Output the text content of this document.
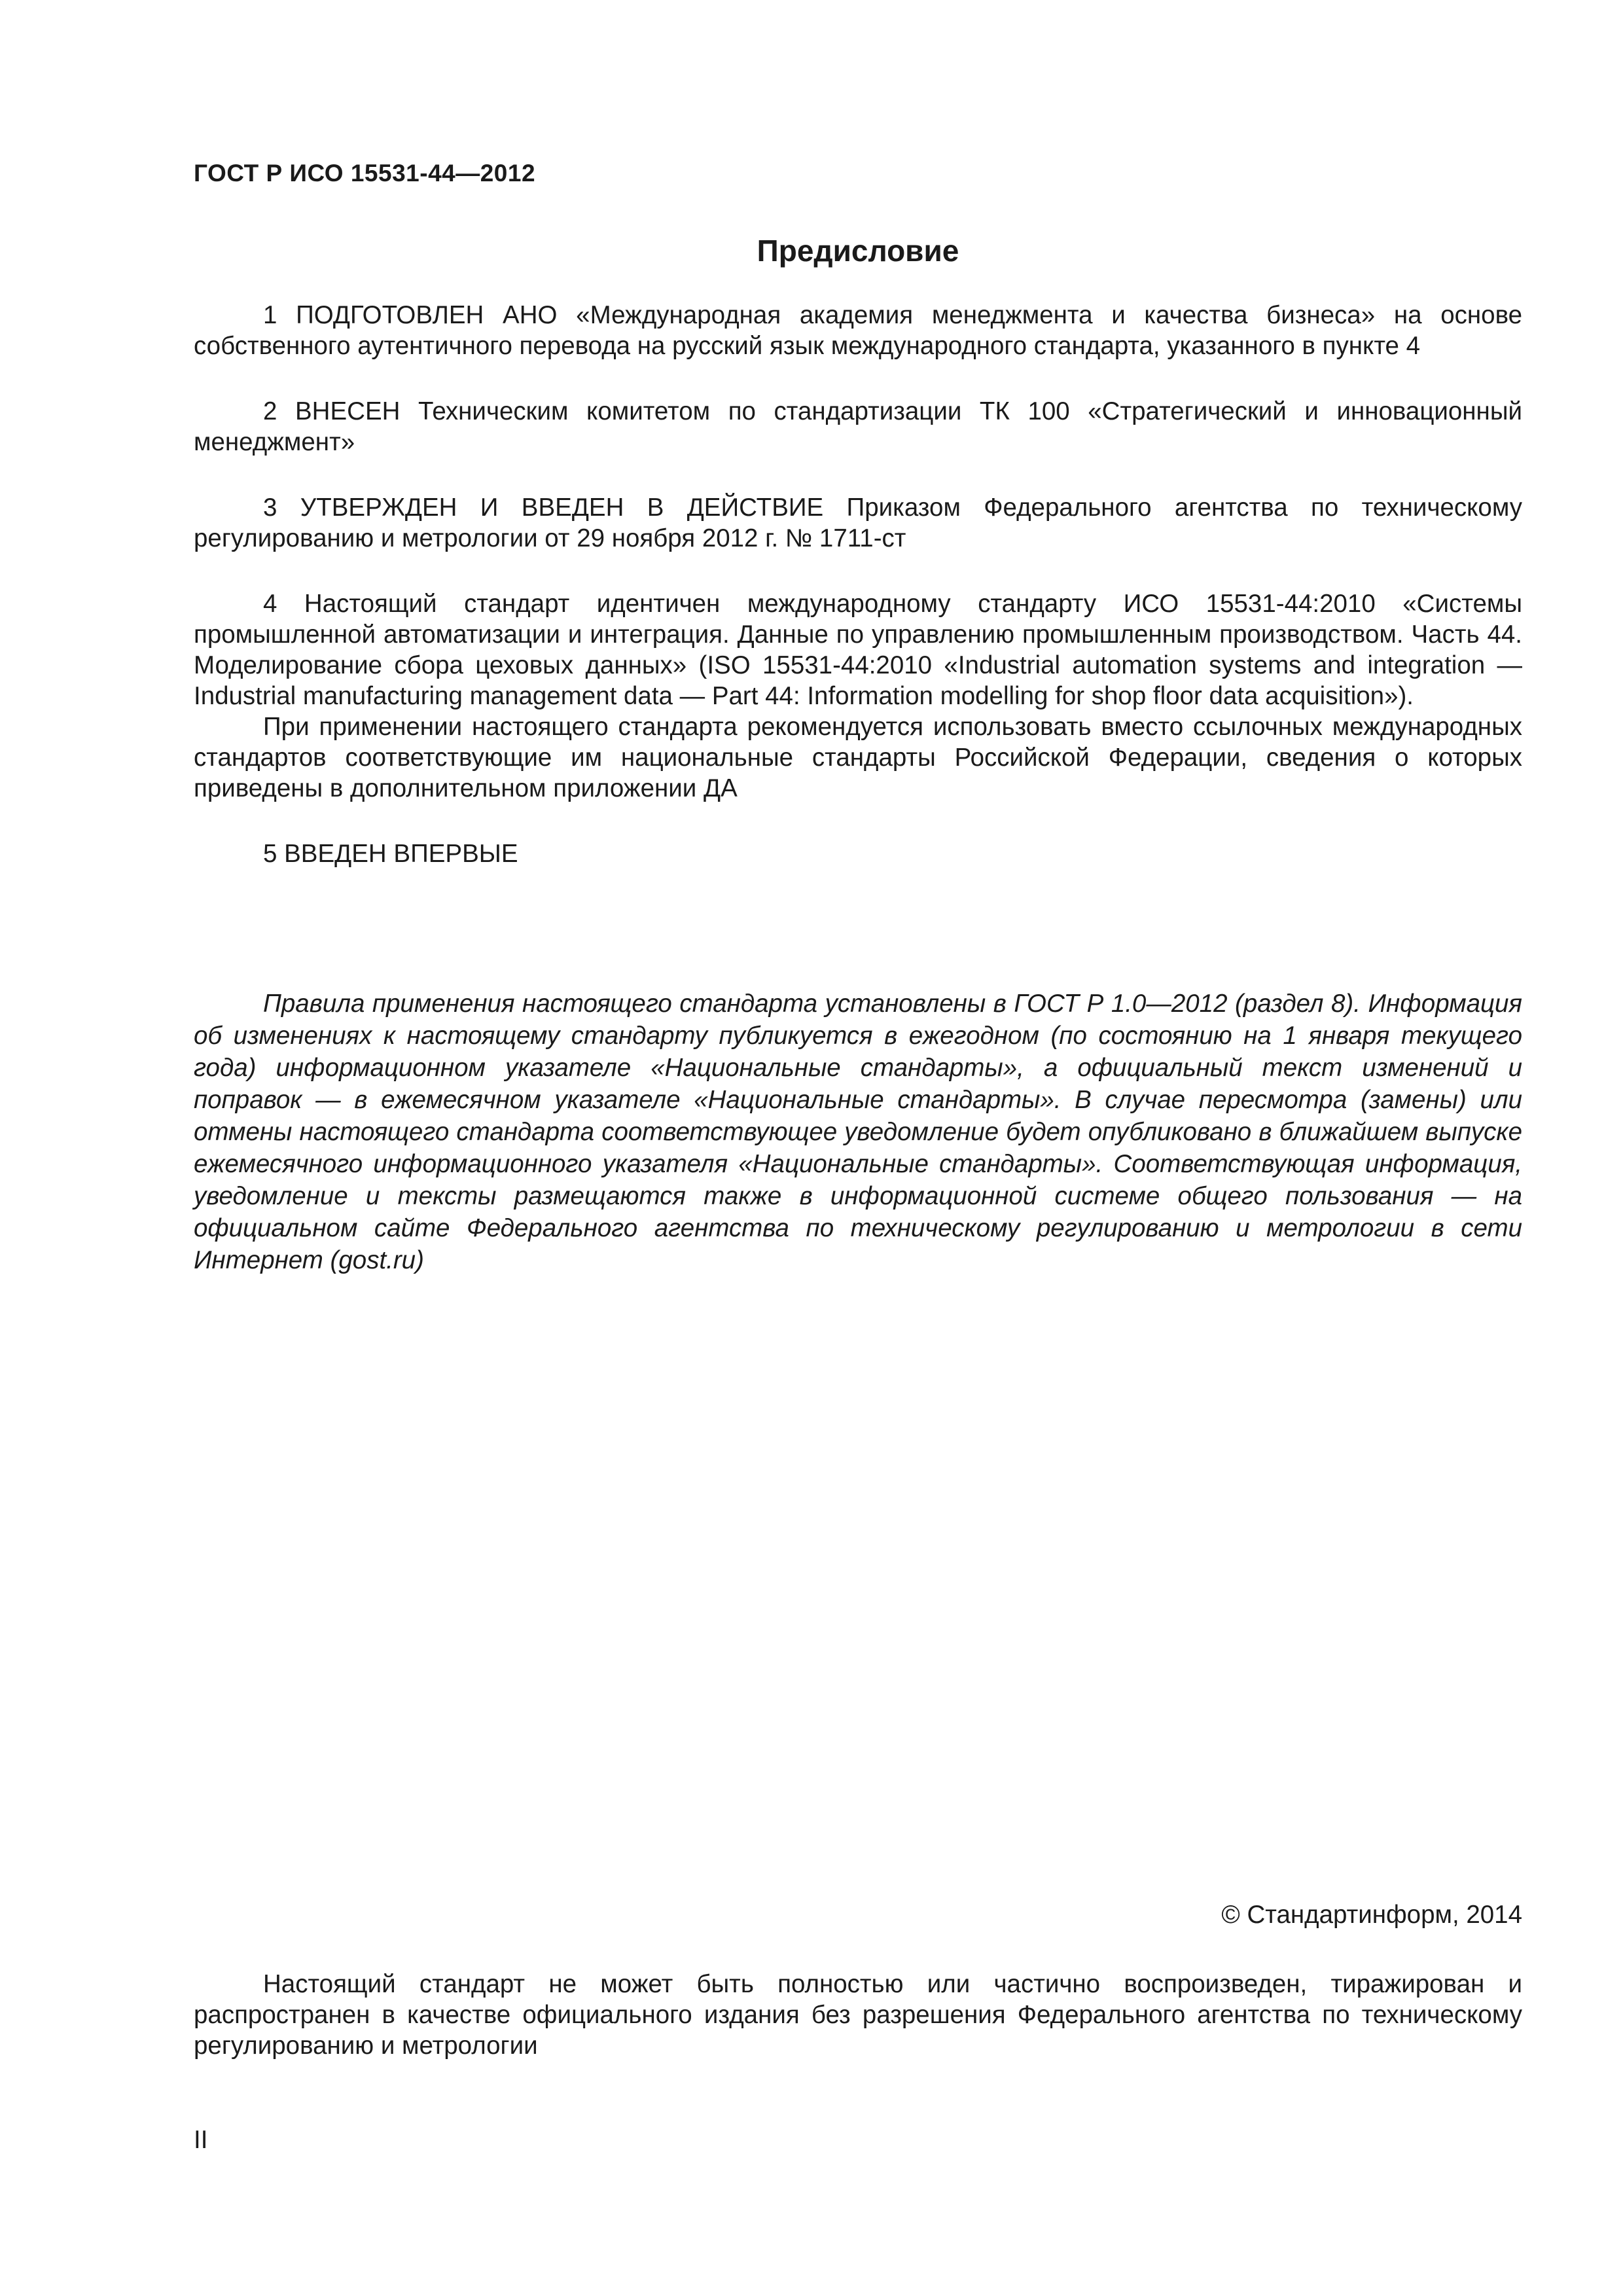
ГОСТ Р ИСО 15531-44—2012

Предисловие

1 ПОДГОТОВЛЕН АНО «Международная академия менеджмента и качества бизнеса» на основе собственного аутентичного перевода на русский язык международного стандарта, указанного в пункте 4

2 ВНЕСЕН Техническим комитетом по стандартизации ТК 100 «Стратегический и инновационный менеджмент»

3 УТВЕРЖДЕН И ВВЕДЕН В ДЕЙСТВИЕ Приказом Федерального агентства по техническому регулированию и метрологии от 29 ноября 2012 г. № 1711-ст

4 Настоящий стандарт идентичен международному стандарту ИСО 15531-44:2010 «Системы промышленной автоматизации и интеграция. Данные по управлению промышленным производством. Часть 44. Моделирование сбора цеховых данных» (ISO 15531-44:2010 «Industrial automation systems and integration — Industrial manufacturing management data — Part 44: Information modelling for shop floor data acquisition»).

При применении настоящего стандарта рекомендуется использовать вместо ссылочных международных стандартов соответствующие им национальные стандарты Российской Федерации, сведения о которых приведены в дополнительном приложении ДА

5 ВВЕДЕН ВПЕРВЫЕ

Правила применения настоящего стандарта установлены в ГОСТ Р 1.0—2012 (раздел 8). Информация об изменениях к настоящему стандарту публикуется в ежегодном (по состоянию на 1 января текущего года) информационном указателе «Национальные стандарты», а официальный текст изменений и поправок — в ежемесячном указателе «Национальные стандарты». В случае пересмотра (замены) или отмены настоящего стандарта соответствующее уведомление будет опубликовано в ближайшем выпуске ежемесячного информационного указателя «Национальные стандарты». Соответствующая информация, уведомление и тексты размещаются также в информационной системе общего пользования — на официальном сайте Федерального агентства по техническому регулированию и метрологии в сети Интернет (gost.ru)

© Стандартинформ, 2014

Настоящий стандарт не может быть полностью или частично воспроизведен, тиражирован и распространен в качестве официального издания без разрешения Федерального агентства по техническому регулированию и метрологии

II
